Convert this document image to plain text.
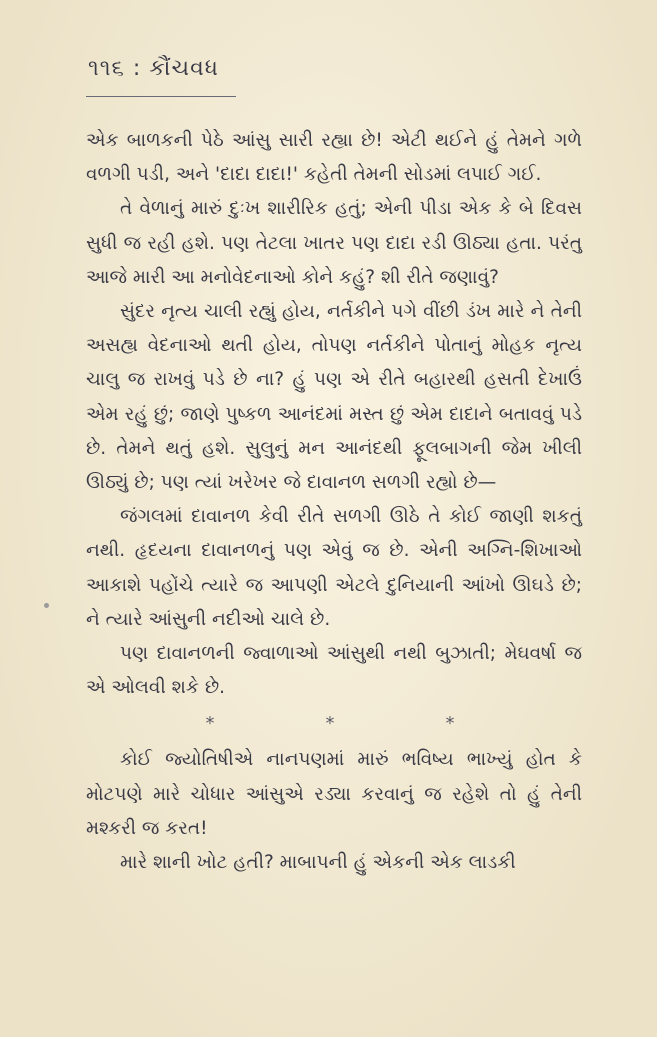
૧૧૬ : કૌંચવધ

એક બાળકની પેઠે આંસુ સારી રહ્યા છે! એટી થઈને હું તેમને ગળે વળગી પડી, અને 'દાદા દાદા!' કહેતી તેમની સોડમાં લપાઈ ગઈ.

તે વેળાનું મારું દુઃખ શારીરિક હતું; એની પીડા એક કે બે દિવસ સુધી જ રહી હશે. પણ તેટલા ખાતર પણ દાદા રડી ઊઠ્યા હતા. પરંતુ આજે મારી આ મનોવેદનાઓ કોને કહું? શી રીતે જણાવું?

સુંદર નૃત્ય ચાલી રહ્યું હોય, નર્તકીને પગે વીંછી ડંખ મારે ને તેની અસહ્ય વેદનાઓ થતી હોય, તોપણ નર્તકીને પોતાનું મોહક નૃત્ય ચાલુ જ રાખવું પડે છે ના? હું પણ એ રીતે બહારથી હસતી દેખાઉં એમ રહું છું; જાણે પુષ્કળ આનંદમાં મસ્ત છું એમ દાદાને બતાવવું પડે છે. તેમને થતું હશે. સુલુનું મન આનંદથી ફૂલબાગની જેમ ખીલી ઊઠ્યું છે; પણ ત્યાં ખરેખર જે દાવાનળ સળગી રહ્યો છે—

જંગલમાં દાવાનળ કેવી રીતે સળગી ઊઠે તે કોઈ જાણી શકતું નથી. હૃદયના દાવાનળનું પણ એવું જ છે. એની અગ્નિ-શિખાઓ આકાશે પહોંચે ત્યારે જ આપણી એટલે દુનિયાની આંખો ઊઘડે છે; ને ત્યારે આંસુની નદીઓ ચાલે છે.

પણ દાવાનળની જ્વાળાઓ આંસુથી નથી બુઝાતી; મેઘવર્ષા જ એ ઓલવી શકે છે.

*	*	*

કોઈ જ્યોતિષીએ નાનપણમાં મારું ભવિષ્ય ભાખ્યું હોત કે મોટપણે મારે ચોધાર આંસુએ રડ્યા કરવાનું જ રહેશે તો હું તેની મશ્કરી જ કરત!

મારે શાની ખોટ હતી? માબાપની હું એકની એક લાડકી
